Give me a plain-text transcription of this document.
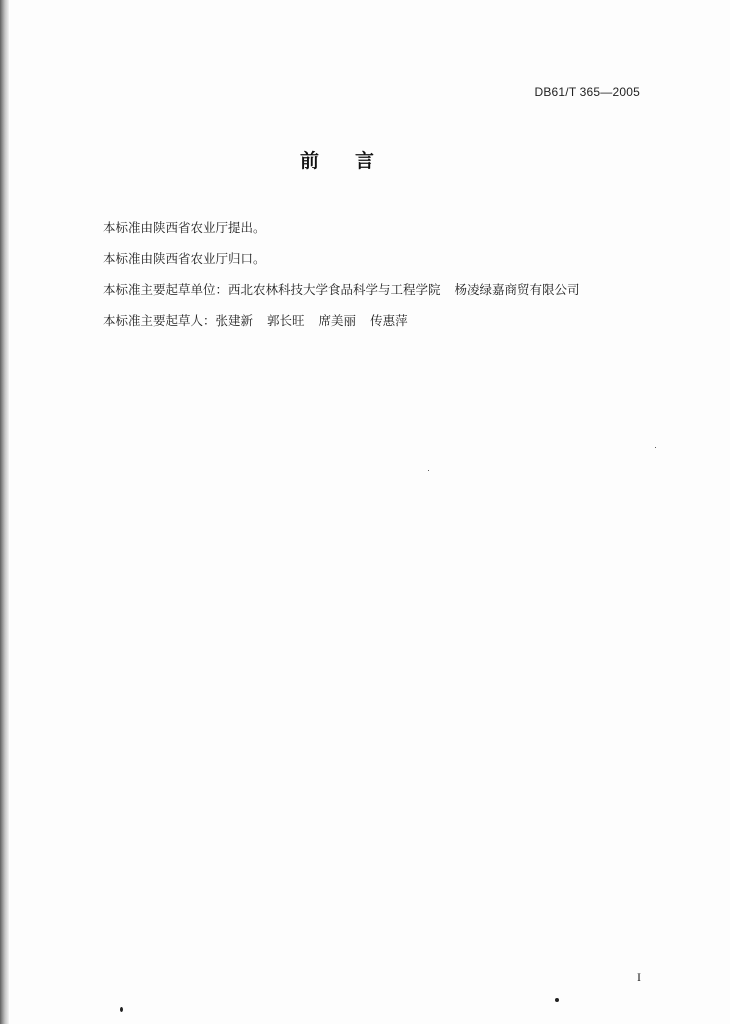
DB61/T 365—2005
前言
本标准由陕西省农业厅提出。
本标准由陕西省农业厅归口。
本标准主要起草单位：西北农林科技大学食品科学与工程学院 杨凌绿嘉商贸有限公司
本标准主要起草人：张建新 郭长旺 席美丽 传惠萍
I
